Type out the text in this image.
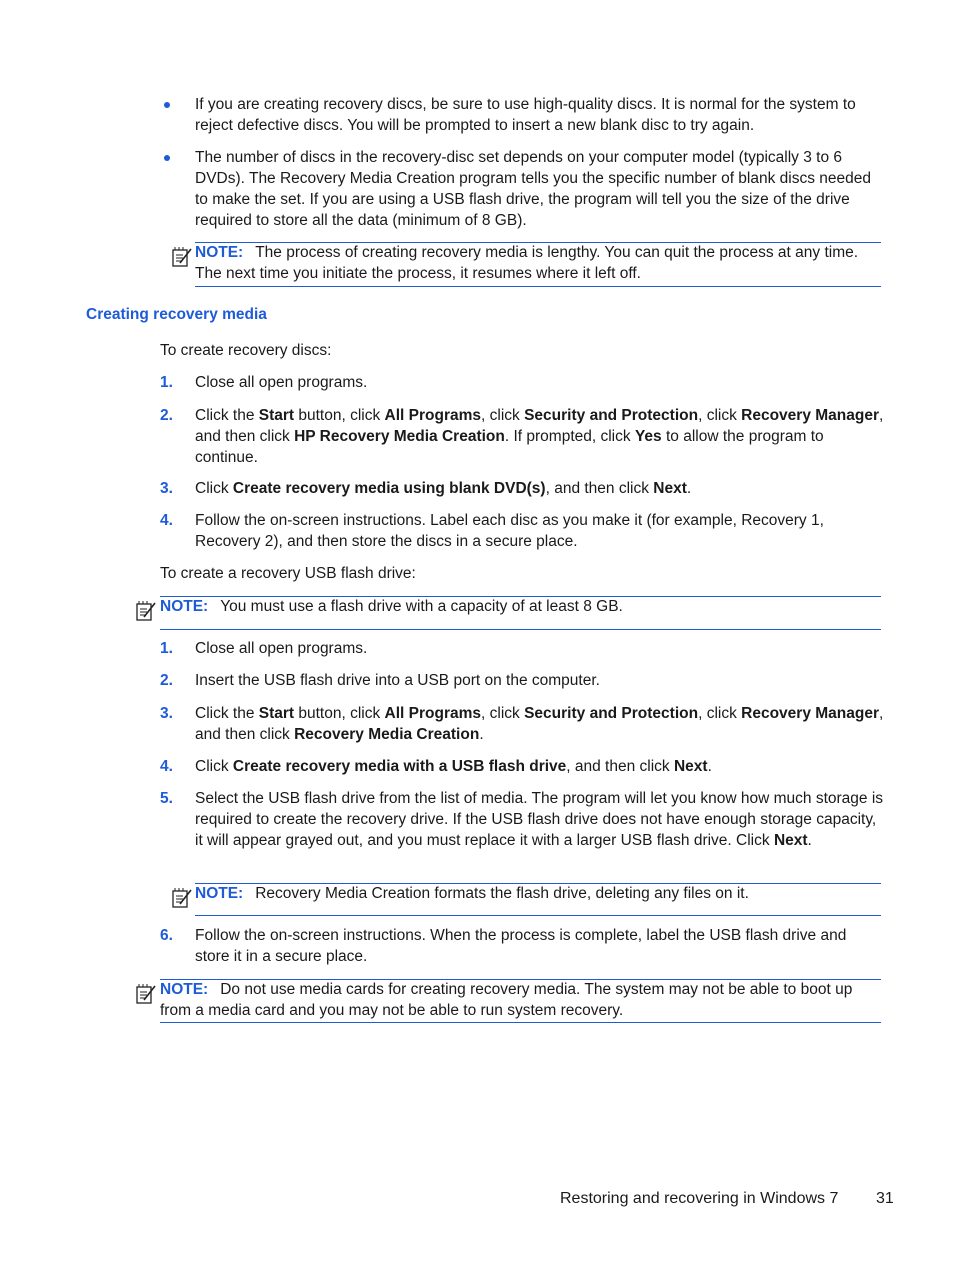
If you are creating recovery discs, be sure to use high-quality discs. It is normal for the system to reject defective discs. You will be prompted to insert a new blank disc to try again.
The number of discs in the recovery-disc set depends on your computer model (typically 3 to 6 DVDs). The Recovery Media Creation program tells you the specific number of blank discs needed to make the set. If you are using a USB flash drive, the program will tell you the size of the drive required to store all the data (minimum of 8 GB).
NOTE: The process of creating recovery media is lengthy. You can quit the process at any time. The next time you initiate the process, it resumes where it left off.
Creating recovery media
To create recovery discs:
1. Close all open programs.
2. Click the Start button, click All Programs, click Security and Protection, click Recovery Manager, and then click HP Recovery Media Creation. If prompted, click Yes to allow the program to continue.
3. Click Create recovery media using blank DVD(s), and then click Next.
4. Follow the on-screen instructions. Label each disc as you make it (for example, Recovery 1, Recovery 2), and then store the discs in a secure place.
To create a recovery USB flash drive:
NOTE: You must use a flash drive with a capacity of at least 8 GB.
1. Close all open programs.
2. Insert the USB flash drive into a USB port on the computer.
3. Click the Start button, click All Programs, click Security and Protection, click Recovery Manager, and then click Recovery Media Creation.
4. Click Create recovery media with a USB flash drive, and then click Next.
5. Select the USB flash drive from the list of media. The program will let you know how much storage is required to create the recovery drive. If the USB flash drive does not have enough storage capacity, it will appear grayed out, and you must replace it with a larger USB flash drive. Click Next.
NOTE: Recovery Media Creation formats the flash drive, deleting any files on it.
6. Follow the on-screen instructions. When the process is complete, label the USB flash drive and store it in a secure place.
NOTE: Do not use media cards for creating recovery media. The system may not be able to boot up from a media card and you may not be able to run system recovery.
Restoring and recovering in Windows 7 31
